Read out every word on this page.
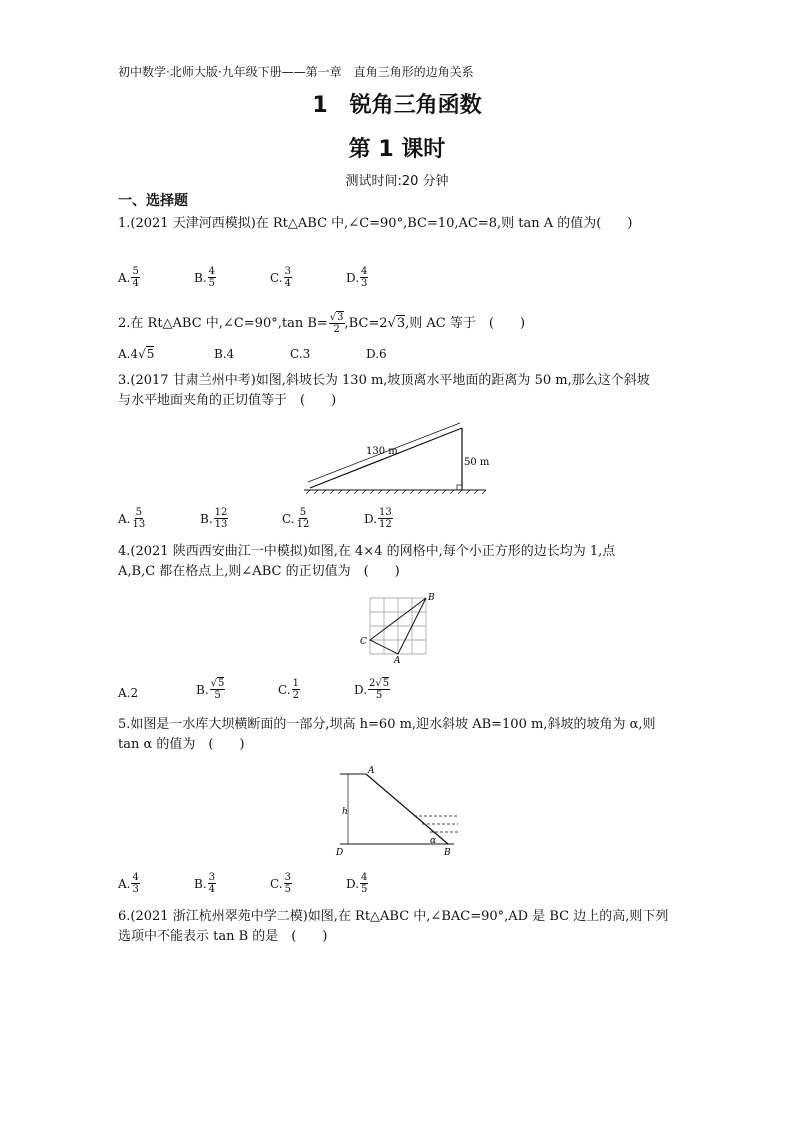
初中数学·北师大版·九年级下册——第一章　直角三角形的边角关系
1　锐角三角函数
第 1 课时
测试时间:20 分钟
一、选择题
1.(2021 天津河西模拟)在 Rt△ABC 中,∠C=90°,BC=10,AC=8,则 tan A 的值为(　　)
A. $\frac{5}{4}$	B. $\frac{4}{5}$	C. $\frac{3}{4}$	D. $\frac{4}{3}$
2.在 Rt△ABC 中,∠C=90°,tan $B= \frac{√3}{2} ,BC=2$ √3 ,则 AC 等于　(　　)
A.4√5	B.4	C.3	D.6
3.(2017 甘肃兰州中考)如图,斜坡长为 130 m,坡顶离水平地面的距离为 50 m,那么这个斜坡
与水平地面夹角的正切值等于　(　　)
130 m
50 m
A. $\frac{5}{13}$	B. $\frac{12}{13}$	C. $\frac{5}{12}$	D. $\frac{13}{12}$
4.(2021 陕西西安曲江一中模拟)如图,在 4×4 的网格中,每个小正方形的边长均为 1,点
A,B,C 都在格点上,则∠ABC 的正切值为　(　　)
B
C
A
A.2	B. $\frac{√5}{5}$	C. $\frac{1}{2}$	D. $\frac{2√5}{5}$
5.如图是一水库大坝横断面的一部分,坝高 h=60 m,迎水斜坡 AB=100 m,斜坡的坡角为 α,则
tan α 的值为　(　　)
A
B
D
h
α
A. $\frac{4}{3}$	B. $\frac{3}{4}$	C. $\frac{3}{5}$	D. $\frac{4}{5}$
6.(2021 浙江杭州翠苑中学二模)如图,在 Rt△ABC 中,∠BAC=90°,AD 是 BC 边上的高,则下列
选项中不能表示 tan B 的是　(　　)
